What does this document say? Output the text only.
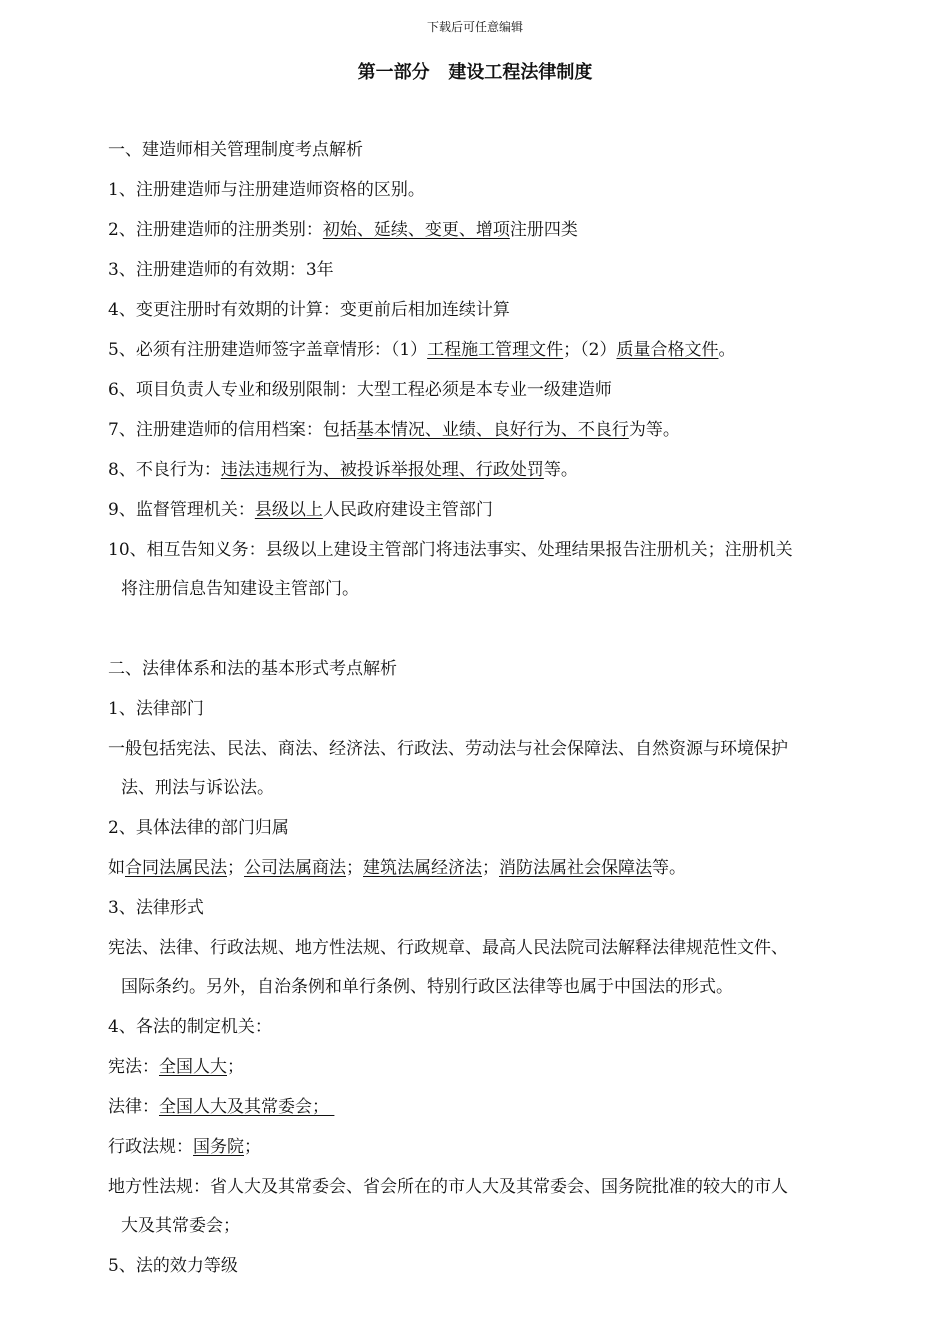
下载后可任意编辑
第一部分   建设工程法律制度
一、建造师相关管理制度考点解析
1、注册建造师与注册建造师资格的区别。
2、注册建造师的注册类别：初始、延续、变更、增项注册四类
3、注册建造师的有效期：3年
4、变更注册时有效期的计算：变更前后相加连续计算
5、必须有注册建造师签字盖章情形：（1）工程施工管理文件；（2）质量合格文件。
6、项目负责人专业和级别限制：大型工程必须是本专业一级建造师
7、注册建造师的信用档案：包括基本情况、业绩、良好行为、不良行为等。
8、不良行为：违法违规行为、被投诉举报处理、行政处罚等。
9、监督管理机关：县级以上人民政府建设主管部门
10、相互告知义务：县级以上建设主管部门将违法事实、处理结果报告注册机关；注册机关
将注册信息告知建设主管部门。
二、法律体系和法的基本形式考点解析
1、法律部门
一般包括宪法、民法、商法、经济法、行政法、劳动法与社会保障法、自然资源与环境保护
法、刑法与诉讼法。
2、具体法律的部门归属
如合同法属民法；公司法属商法；建筑法属经济法；消防法属社会保障法等。
3、法律形式
宪法、法律、行政法规、地方性法规、行政规章、最高人民法院司法解释法律规范性文件、
国际条约。另外，自治条例和单行条例、特别行政区法律等也属于中国法的形式。
4、各法的制定机关：
宪法：全国人大；
法律：全国人大及其常委会；
行政法规：国务院；
地方性法规：省人大及其常委会、省会所在的市人大及其常委会、国务院批准的较大的市人
大及其常委会；
5、法的效力等级
